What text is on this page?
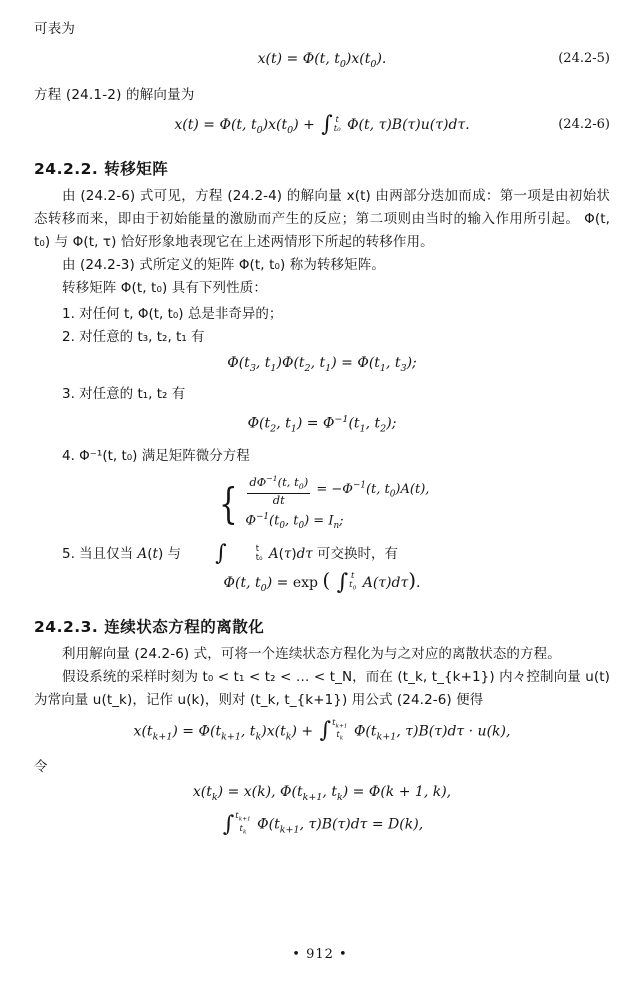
可表为
x(t) = Φ(t, $t_0)x(t_0)$.	(24.2-5)
方程 (24.1-2) 的解向量为
x(t) = Φ(t, $t_0)x(t_0)$ + ∫ t
t₀ Φ(t, τ)B(τ)u(τ)dτ.	(24.2-6)
24.2.2. 转移矩阵

由 (24.2-6) 式可见，方程 (24.2-4) 的解向量 x(t) 由两部分迭加而成：第一项是由初始状态转移而来，即由于初始能量的激励而产生的反应；第二项则由当时的输入作用所引起。 Φ(t, t₀) 与 Φ(t, τ) 恰好形象地表现它在上述两情形下所起的转移作用。

由 (24.2-3) 式所定义的矩阵 Φ(t, t₀) 称为转移矩阵。

转移矩阵 Φ(t, t₀) 具有下列性质：

1. 对任何 t, Φ(t, t₀) 总是非奇异的；
2. 对任意的 t₃, t₂, t₁ 有
$\Phi(t_3$, $t_1)\Phi(t_2$, $t_1) = \Phi(t_1$, $t_3$);
3. 对任意的 t₁, t₂ 有
$\Phi(t_2$, $t_1) = \Phi^{-1}(t_1$, $t_2$);
4. Φ⁻¹(t, t₀) 满足矩阵微分方程
{ $\frac{d\Phi^{-1}(t, t_0)}{dt} = -\Phi^{-1}(t$, $t_0)A(t)$,
$\Phi^{-1}(t_0$, $t_0) = I_n$;
5. 当且仅当 A(t) 与	∫	t
t₀ A(τ)dτ 可交换时，有
Φ(t, $t_0) = \exp$ ( ∫ t
$t_0$ A(τ)dτ).
24.2.3. 连续状态方程的离散化

利用解向量 (24.2-6) 式，可将一个连续状态方程化为与之对应的离散状态的方程。

假设系统的采样时刻为 t₀ < t₁ < t₂ < … < t_N，而在 (t_k, t_{k+1}) 内々控制向量 u(t) 为常向量 u(t_k)，记作 u(k)，则对 (t_k, t_{k+1}) 用公式 (24.2-6) 便得

$x(t_{k+1}) = \Phi(t_{k+1}$, $t_k)x(t_k)$ + ∫ $t_{k+1}$
$t_k$ $\Phi(t_{k+1}$, τ)B(τ)dτ · u(k),
令
$x(t_k) = x(k)$, $\Phi(t_{k+1}$, $t_k) = \Phi(k + 1$, k),
∫ $t_{k+1}$
$t_k$ $\Phi(t_{k+1}$, τ)B(τ)dτ = D(k),
• 912 •
